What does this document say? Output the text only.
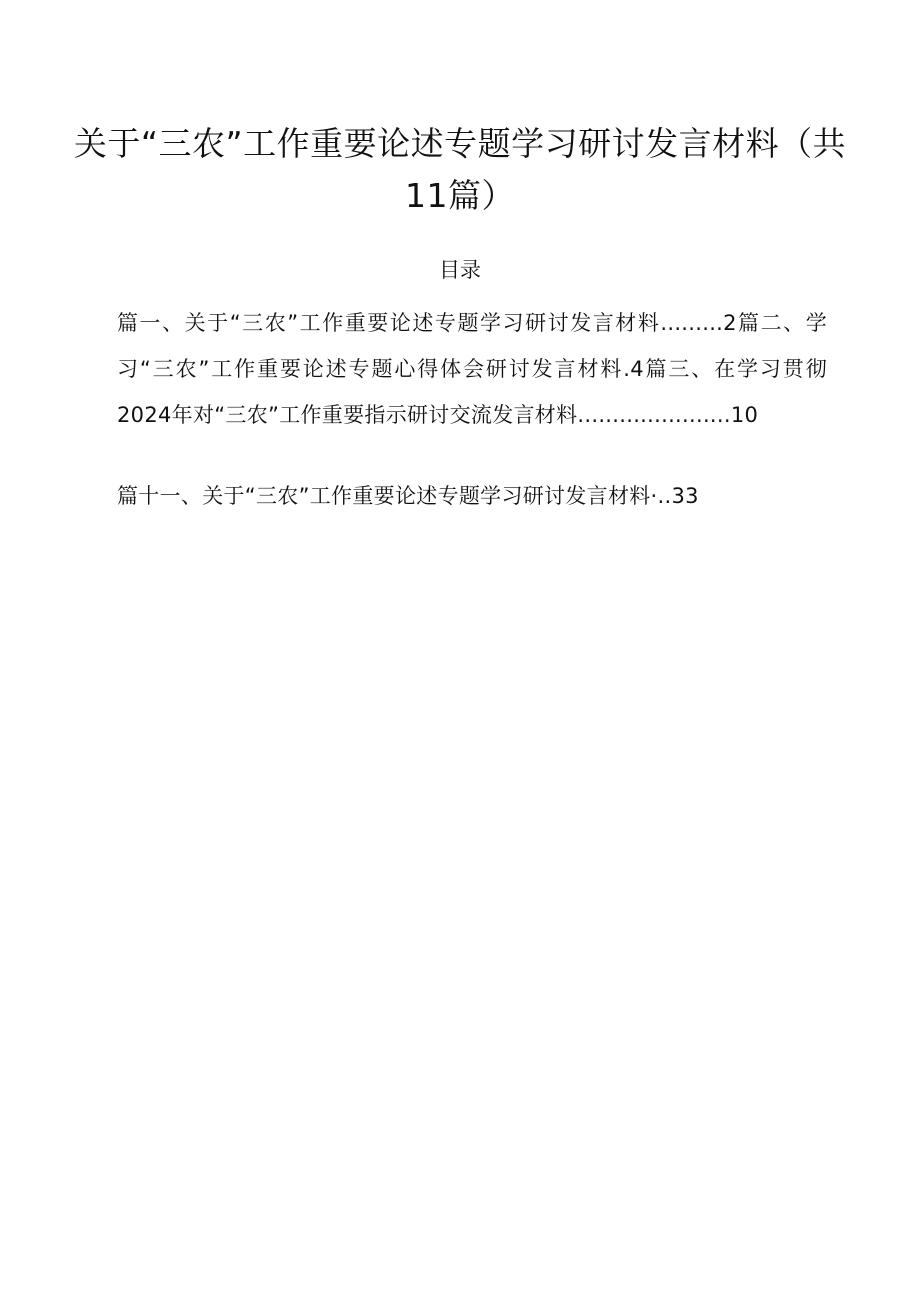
关于“三农”工作重要论述专题学习研讨发言材料（共11篇）
目录

篇一、关于“三农”工作重要论述专题学习研讨发言材料.........2篇二、学习“三农”工作重要论述专题心得体会研讨发言材料.4篇三、在学习贯彻2024年对“三农”工作重要指示研讨交流发言材料......................10

篇十一、关于“三农”工作重要论述专题学习研讨发言材料·..33
